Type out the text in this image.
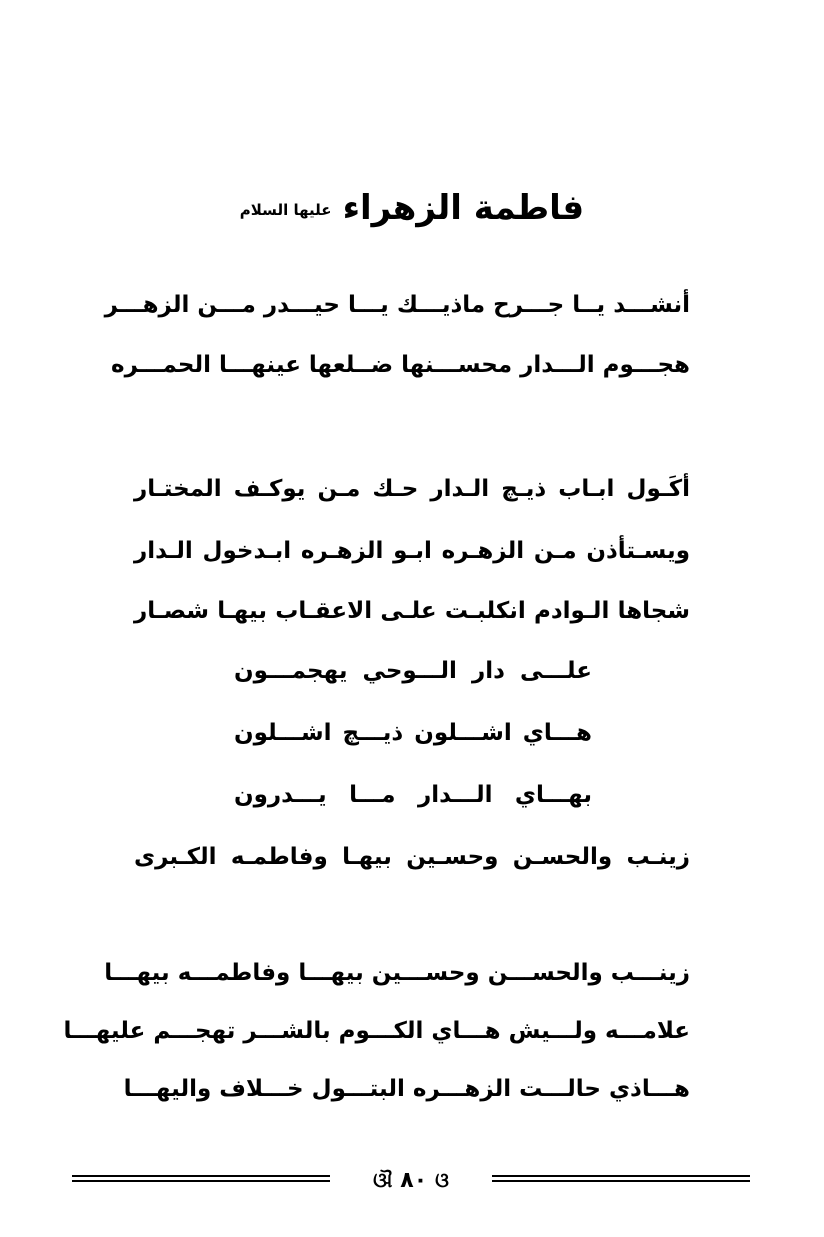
فاطمة الزهراء عليها السلام
أنشـــد يــا جـــرح ماذيـــك يـــا حيـــدر مـــن الزهـــر
هجـــوم الـــدار محســـنها ضــلعها عينهـــا الحمـــره
أكَـول ابـاب ذيـچ الـدار حـك مـن يوكـف المختـار
ويسـتأذن مـن الزهـره ابـو الزهـره ابـدخول الـدار
شجاها الـوادم انكلبـت علـى الاعقـاب بيهـا شصـار
علـــى دار الـــوحي يهجمـــون
هـــاي اشـــلون ذيـــچ اشـــلون
بهـــاي الـــدار مـــا يـــدرون
زينـب والحسـن وحسـين بيهـا وفاطمـه الكـبرى
زينـــب والحســـن وحســـين بيهـــا وفاطمـــه بيهـــا
علامـــه ولـــيش هـــاي الكـــوم بالشـــر تهجـــم عليهـــا
هـــاذي حالـــت الزهـــره البتـــول خـــلاف واليهـــا
ଓ٨٠ଔ
